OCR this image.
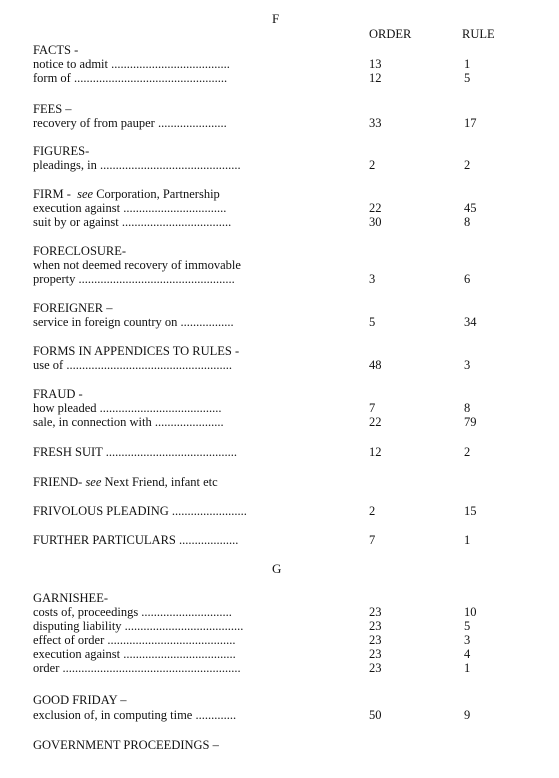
F
ORDER	RULE
FACTS -
notice to admit ......................................	13	1
form of .................................................	12	5
FEES –
recovery of from pauper ......................	33	17
FIGURES-
pleadings, in .............................................	2	2
FIRM - see Corporation, Partnership
execution against .................................	22	45
suit by or against ...................................	30	8
FORECLOSURE-
when not deemed recovery of immovable
property ..................................................	3	6
FOREIGNER –
service in foreign country on .................	5	34
FORMS IN APPENDICES TO RULES -
use of .....................................................	48	3
FRAUD -
how pleaded .......................................	7	8
sale, in connection with ......................	22	79
FRESH SUIT ..........................................	12	2
FRIEND- see Next Friend, infant etc
FRIVOLOUS PLEADING ........................	2	15
FURTHER PARTICULARS ...................	7	1
G
GARNISHEE-
costs of, proceedings .............................	23	10
disputing liability ......................................	23	5
effect of order .........................................	23	3
execution against ....................................	23	4
order .........................................................	23	1
GOOD FRIDAY –
exclusion of, in computing time .............	50	9
GOVERNMENT PROCEEDINGS –
